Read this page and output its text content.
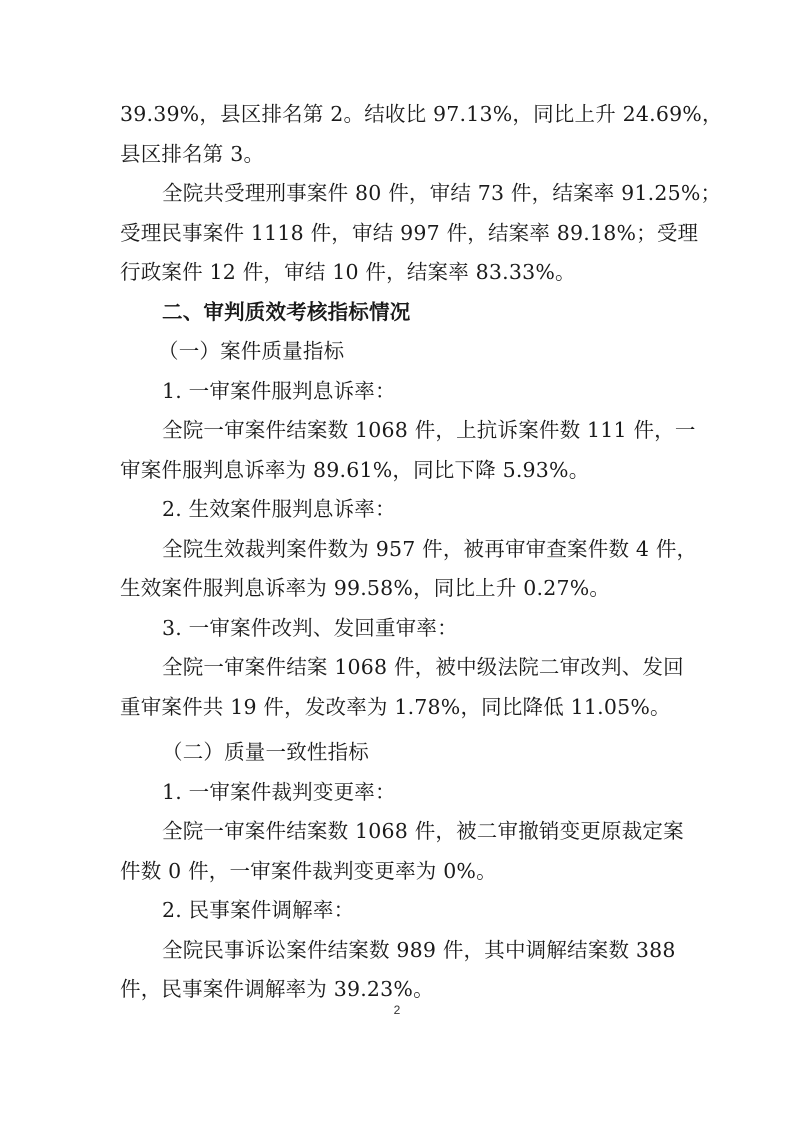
39.39%，县区排名第 2。结收比 97.13%，同比上升 24.69%，
县区排名第 3。
全院共受理刑事案件 80 件，审结 73 件，结案率 91.25%；
受理民事案件 1118 件，审结 997 件，结案率 89.18%；受理
行政案件 12 件，审结 10 件，结案率 83.33%。
二、审判质效考核指标情况
（一）案件质量指标
1. 一审案件服判息诉率：
全院一审案件结案数 1068 件，上抗诉案件数 111 件，一
审案件服判息诉率为 89.61%，同比下降 5.93%。
2. 生效案件服判息诉率：
全院生效裁判案件数为 957 件，被再审审查案件数 4 件，
生效案件服判息诉率为 99.58%，同比上升 0.27%。
3. 一审案件改判、发回重审率：
全院一审案件结案 1068 件，被中级法院二审改判、发回
重审案件共 19 件，发改率为 1.78%，同比降低 11.05%。
（二）质量一致性指标
1. 一审案件裁判变更率：
全院一审案件结案数 1068 件，被二审撤销变更原裁定案
件数 0 件，一审案件裁判变更率为 0%。
2. 民事案件调解率：
全院民事诉讼案件结案数 989 件，其中调解结案数 388
2
件，民事案件调解率为 39.23%。
